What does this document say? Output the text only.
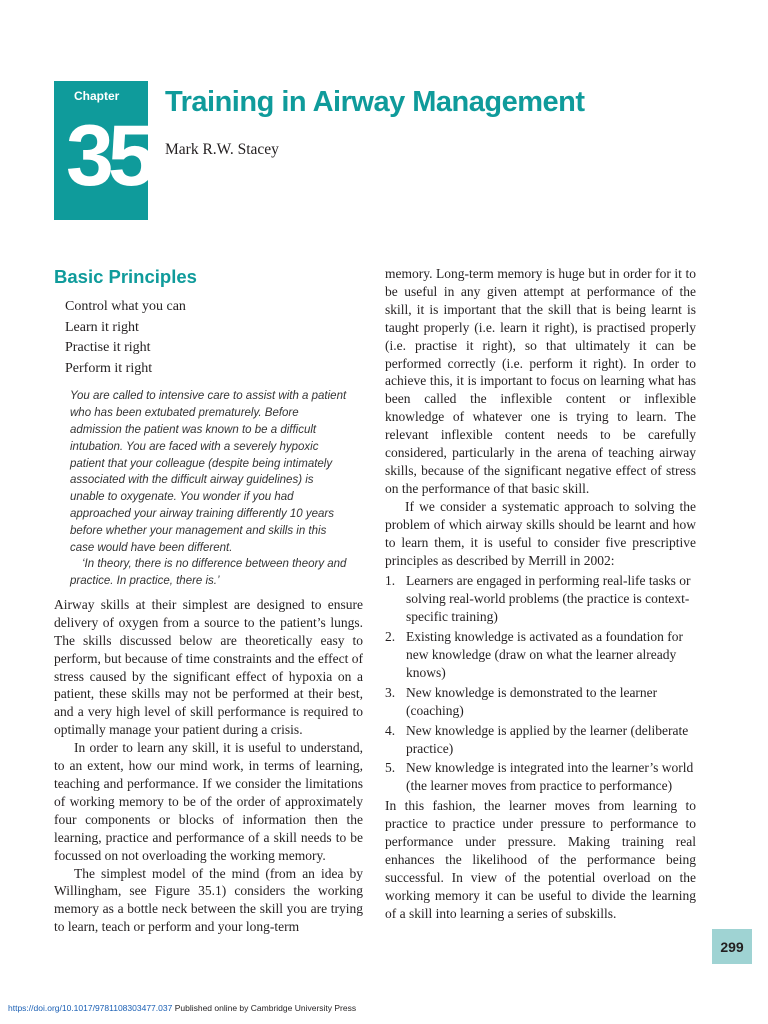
Chapter
35
Training in Airway Management
Mark R.W. Stacey
Basic Principles
Control what you can
Learn it right
Practise it right
Perform it right

You are called to intensive care to assist with a patient who has been extubated prematurely. Before admission the patient was known to be a difficult intubation. You are faced with a severely hypoxic patient that your colleague (despite being intimately associated with the difficult airway guidelines) is unable to oxygenate. You wonder if you had approached your airway training differently 10 years before whether your management and skills in this case would have been different.

‘In theory, there is no difference between theory and practice. In practice, there is.’

Airway skills at their simplest are designed to ensure delivery of oxygen from a source to the patient’s lungs. The skills discussed below are theoretically easy to perform, but because of time constraints and the effect of stress caused by the significant effect of hypoxia on a patient, these skills may not be performed at their best, and a very high level of skill performance is required to optimally manage your patient during a crisis.

In order to learn any skill, it is useful to understand, to an extent, how our mind work, in terms of learning, teaching and performance. If we consider the limitations of working memory to be of the order of approximately four components or blocks of information then the learning, practice and performance of a skill needs to be focussed on not overloading the working memory.

The simplest model of the mind (from an idea by Willingham, see Figure 35.1) considers the working memory as a bottle neck between the skill you are trying to learn, teach or perform and your long-term

memory. Long-term memory is huge but in order for it to be useful in any given attempt at performance of the skill, it is important that the skill that is being learnt is taught properly (i.e. learn it right), is practised properly (i.e. practise it right), so that ultimately it can be performed correctly (i.e. perform it right). In order to achieve this, it is important to focus on learning what has been called the inflexible content or inflexible knowledge of whatever one is trying to learn. The relevant inflexible content needs to be carefully considered, particularly in the arena of teaching airway skills, because of the significant negative effect of stress on the performance of that basic skill.

If we consider a systematic approach to solving the problem of which airway skills should be learnt and how to learn them, it is useful to consider five prescriptive principles as described by Merrill in 2002:

1. Learners are engaged in performing real-life tasks or solving real-world problems (the practice is context-specific training)
2. Existing knowledge is activated as a foundation for new knowledge (draw on what the learner already knows)
3. New knowledge is demonstrated to the learner (coaching)
4. New knowledge is applied by the learner (deliberate practice)
5. New knowledge is integrated into the learner’s world (the learner moves from practice to performance)

In this fashion, the learner moves from learning to practice to practice under pressure to performance to performance under pressure. Making training real enhances the likelihood of the performance being successful. In view of the potential overload on the working memory it can be useful to divide the learning of a skill into learning a series of subskills.

299
https://doi.org/10.1017/9781108303477.037 Published online by Cambridge University Press
